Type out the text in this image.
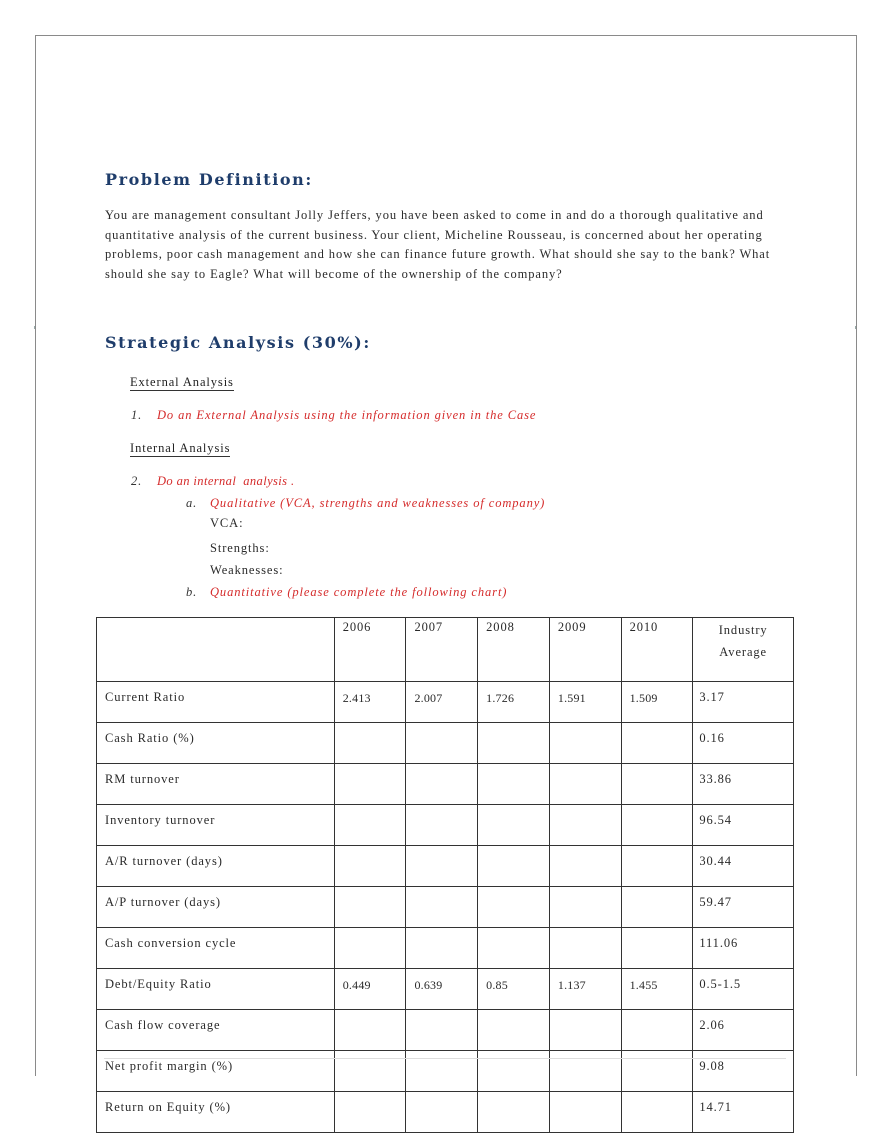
Problem Definition:

You are management consultant Jolly Jeffers, you have been asked to come in and do a thorough qualitative and quantitative analysis of the current business. Your client, Micheline Rousseau, is concerned about her operating problems, poor cash management and how she can finance future growth. What should she say to the bank? What should she say to Eagle? What will become of the ownership of the company?

Strategic Analysis (30%):
External Analysis
1. Do an External Analysis using the information given in the Case
Internal Analysis
2. Do an internal  analysis .
a. Qualitative (VCA, strengths and weaknesses of company)
VCA:
Strengths:
Weaknesses:
b. Quantitative (please complete the following chart)
	2006	2007	2008	2009	2010	Industry Average
Current Ratio	2.413	2.007	1.726	1.591	1.509	3.17
Cash Ratio (%)						0.16
RM turnover						33.86
Inventory turnover						96.54
A/R turnover (days)						30.44
A/P turnover (days)						59.47
Cash conversion cycle						111.06
Debt/Equity Ratio	0.449	0.639	0.85	1.137	1.455	0.5-1.5
Cash flow coverage						2.06
Net profit margin (%)						9.08
Return on Equity (%)						14.71
